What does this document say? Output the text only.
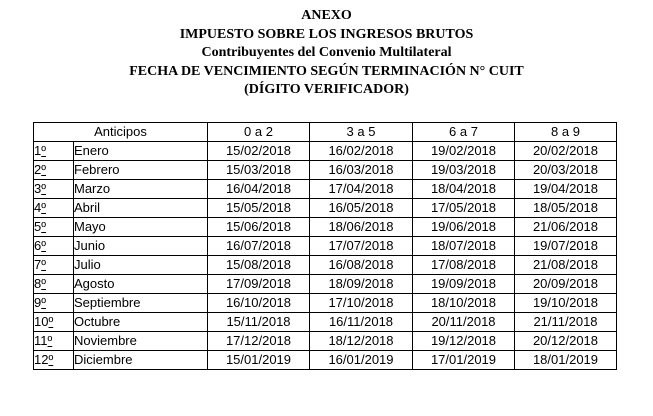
ANEXO
IMPUESTO SOBRE LOS INGRESOS BRUTOS
Contribuyentes del Convenio Multilateral
FECHA DE VENCIMIENTO SEGÚN TERMINACIÓN N° CUIT
(DÍGITO VERIFICADOR)
Anticipos		0 a 2	3 a 5	6 a 7	8 a 9
1º	Enero	15/02/2018	16/02/2018	19/02/2018	20/02/2018
2º	Febrero	15/03/2018	16/03/2018	19/03/2018	20/03/2018
3º	Marzo	16/04/2018	17/04/2018	18/04/2018	19/04/2018
4º	Abril	15/05/2018	16/05/2018	17/05/2018	18/05/2018
5º	Mayo	15/06/2018	18/06/2018	19/06/2018	21/06/2018
6º	Junio	16/07/2018	17/07/2018	18/07/2018	19/07/2018
7º	Julio	15/08/2018	16/08/2018	17/08/2018	21/08/2018
8º	Agosto	17/09/2018	18/09/2018	19/09/2018	20/09/2018
9º	Septiembre	16/10/2018	17/10/2018	18/10/2018	19/10/2018
10º	Octubre	15/11/2018	16/11/2018	20/11/2018	21/11/2018
11º	Noviembre	17/12/2018	18/12/2018	19/12/2018	20/12/2018
12º	Diciembre	15/01/2019	16/01/2019	17/01/2019	18/01/2019
